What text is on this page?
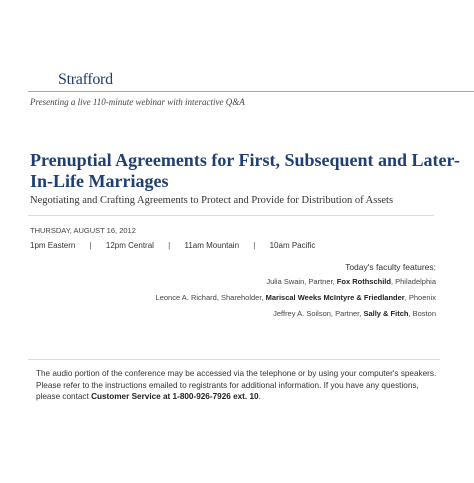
Strafford
Presenting a live 110-minute webinar with interactive Q&A
Prenuptial Agreements for First, Subsequent and Later-In-Life Marriages
Negotiating and Crafting Agreements to Protect and Provide for Distribution of Assets
THURSDAY, AUGUST 16, 2012
1pm Eastern | 12pm Central | 11am Mountain | 10am Pacific
Today's faculty features:
Julia Swain, Partner, Fox Rothschild, Philadelphia
Leonce A. Richard, Shareholder, Mariscal Weeks McIntyre & Friedlander, Phoenix
Jeffrey A. Soilson, Partner, Sally & Fitch, Boston
The audio portion of the conference may be accessed via the telephone or by using your computer's speakers. Please refer to the instructions emailed to registrants for additional information. If you have any questions, please contact Customer Service at 1-800-926-7926 ext. 10.
